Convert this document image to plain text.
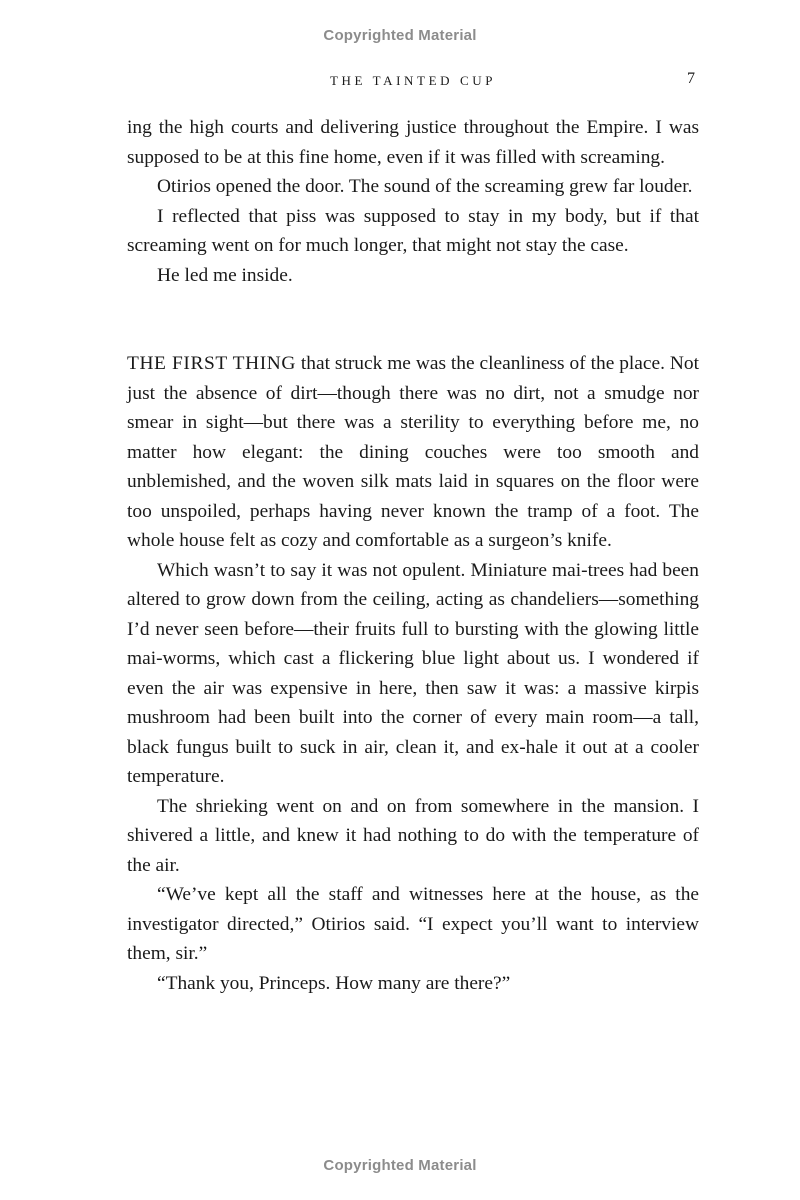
Copyrighted Material
THE TAINTED CUP	7

ing the high courts and delivering justice throughout the Empire. I was supposed to be at this fine home, even if it was filled with screaming.

Otirios opened the door. The sound of the screaming grew far louder.

I reflected that piss was supposed to stay in my body, but if that screaming went on for much longer, that might not stay the case.

He led me inside.

THE FIRST THING that struck me was the cleanliness of the place. Not just the absence of dirt—though there was no dirt, not a smudge nor smear in sight—but there was a sterility to everything before me, no matter how elegant: the dining couches were too smooth and unblemished, and the woven silk mats laid in squares on the floor were too unspoiled, perhaps having never known the tramp of a foot. The whole house felt as cozy and comfortable as a surgeon’s knife.

Which wasn’t to say it was not opulent. Miniature mai-trees had been altered to grow down from the ceiling, acting as chandeliers—something I’d never seen before—their fruits full to bursting with the glowing little mai-worms, which cast a flickering blue light about us. I wondered if even the air was expensive in here, then saw it was: a massive kirpis mushroom had been built into the corner of every main room—a tall, black fungus built to suck in air, clean it, and ex-hale it out at a cooler temperature.

The shrieking went on and on from somewhere in the mansion. I shivered a little, and knew it had nothing to do with the temperature of the air.

“We’ve kept all the staff and witnesses here at the house, as the investigator directed,” Otirios said. “I expect you’ll want to interview them, sir.”

“Thank you, Princeps. How many are there?”

Copyrighted Material
